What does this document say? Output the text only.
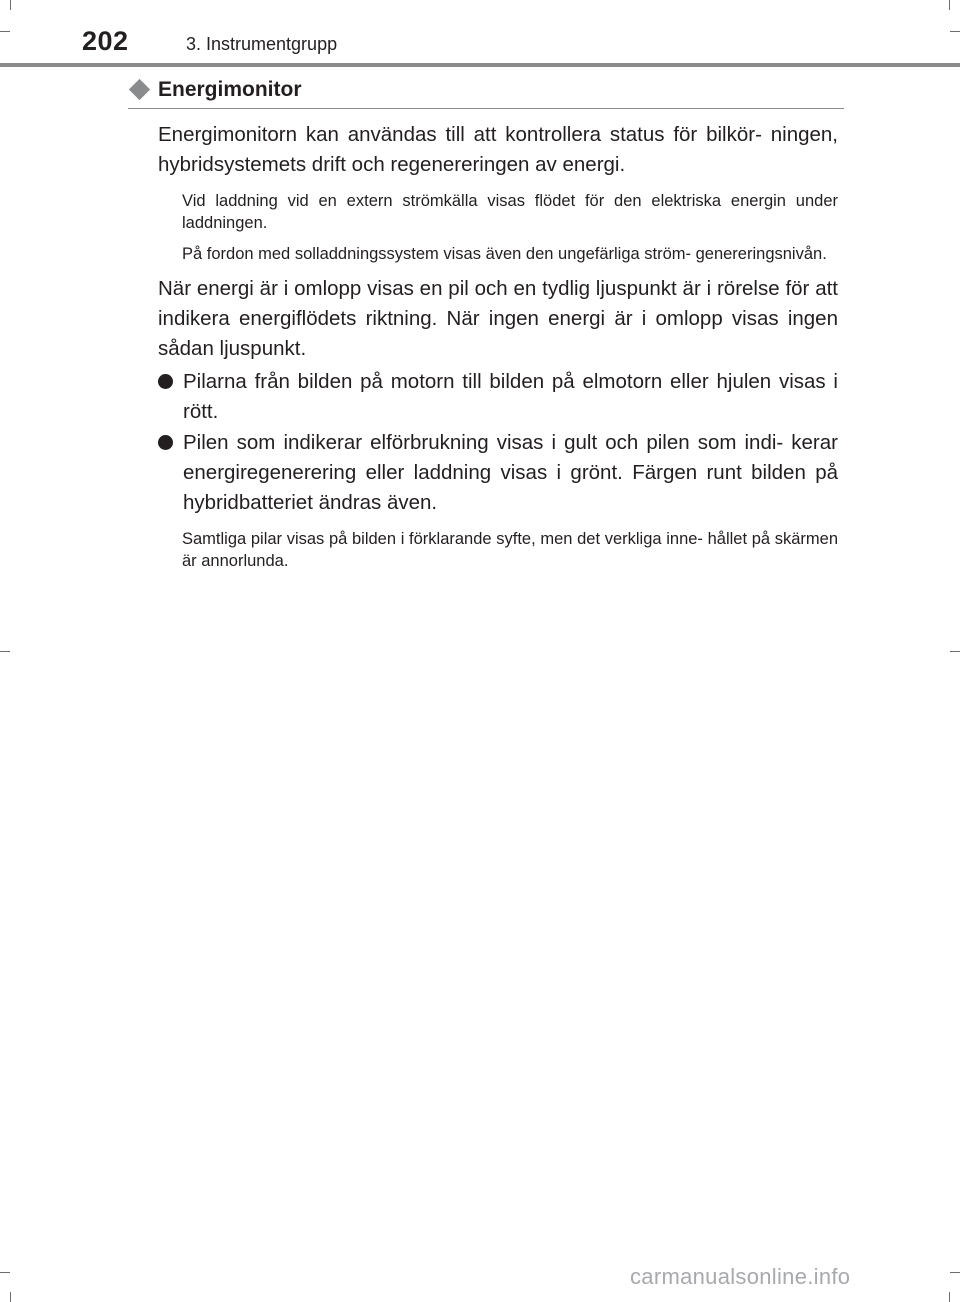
202	3. Instrumentgrupp
Energimonitor

Energimonitorn kan användas till att kontrollera status för bilkör- ningen, hybridsystemets drift och regenereringen av energi.

Vid laddning vid en extern strömkälla visas flödet för den elektriska energin under laddningen.

På fordon med solladdningssystem visas även den ungefärliga ström- genereringsnivån.

När energi är i omlopp visas en pil och en tydlig ljuspunkt är i rörelse för att indikera energiflödets riktning. När ingen energi är i omlopp visas ingen sådan ljuspunkt.

Pilarna från bilden på motorn till bilden på elmotorn eller hjulen visas i rött.
Pilen som indikerar elförbrukning visas i gult och pilen som indi- kerar energiregenerering eller laddning visas i grönt. Färgen runt bilden på hybridbatteriet ändras även.

Samtliga pilar visas på bilden i förklarande syfte, men det verkliga inne- hållet på skärmen är annorlunda.

carmanualsonline.info
